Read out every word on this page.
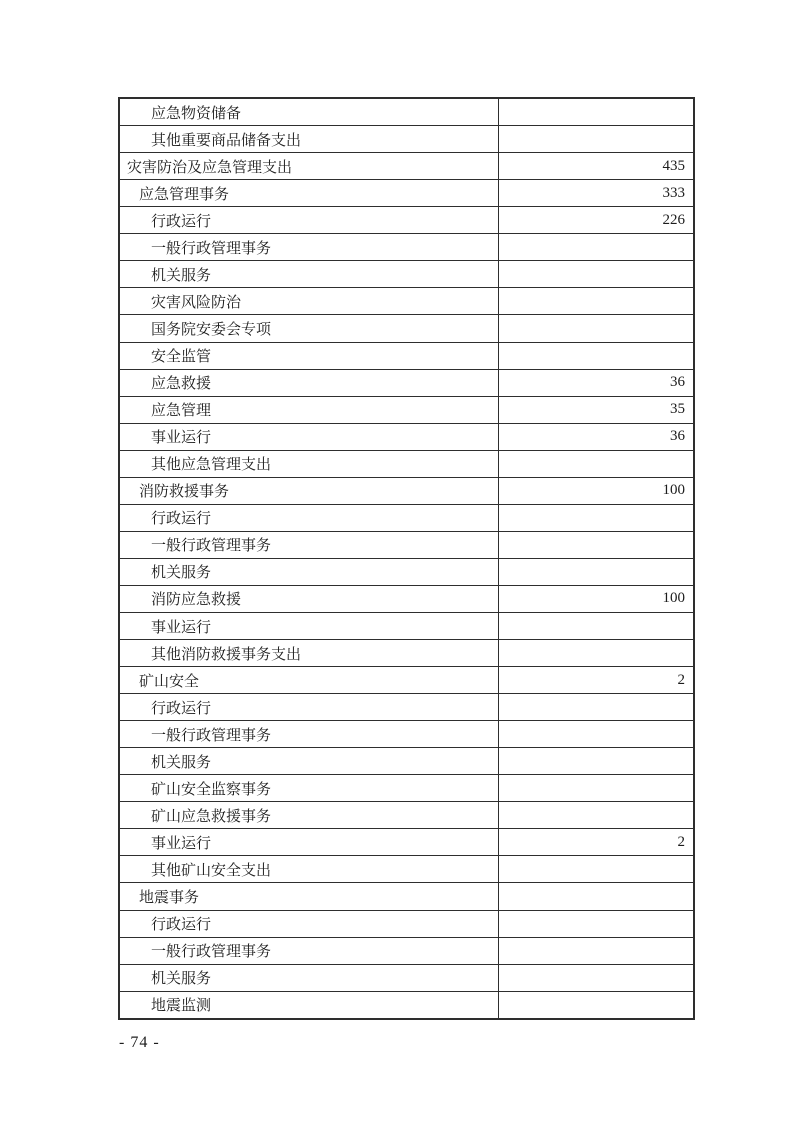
应急物资储备	
其他重要商品储备支出	
灾害防治及应急管理支出	435
应急管理事务	333
行政运行	226
一般行政管理事务	
机关服务	
灾害风险防治	
国务院安委会专项	
安全监管	
应急救援	36
应急管理	35
事业运行	36
其他应急管理支出	
消防救援事务	100
行政运行	
一般行政管理事务	
机关服务	
消防应急救援	100
事业运行	
其他消防救援事务支出	
矿山安全	2
行政运行	
一般行政管理事务	
机关服务	
矿山安全监察事务	
矿山应急救援事务	
事业运行	2
其他矿山安全支出	
地震事务	
行政运行	
一般行政管理事务	
机关服务	
地震监测	
- 74 -
